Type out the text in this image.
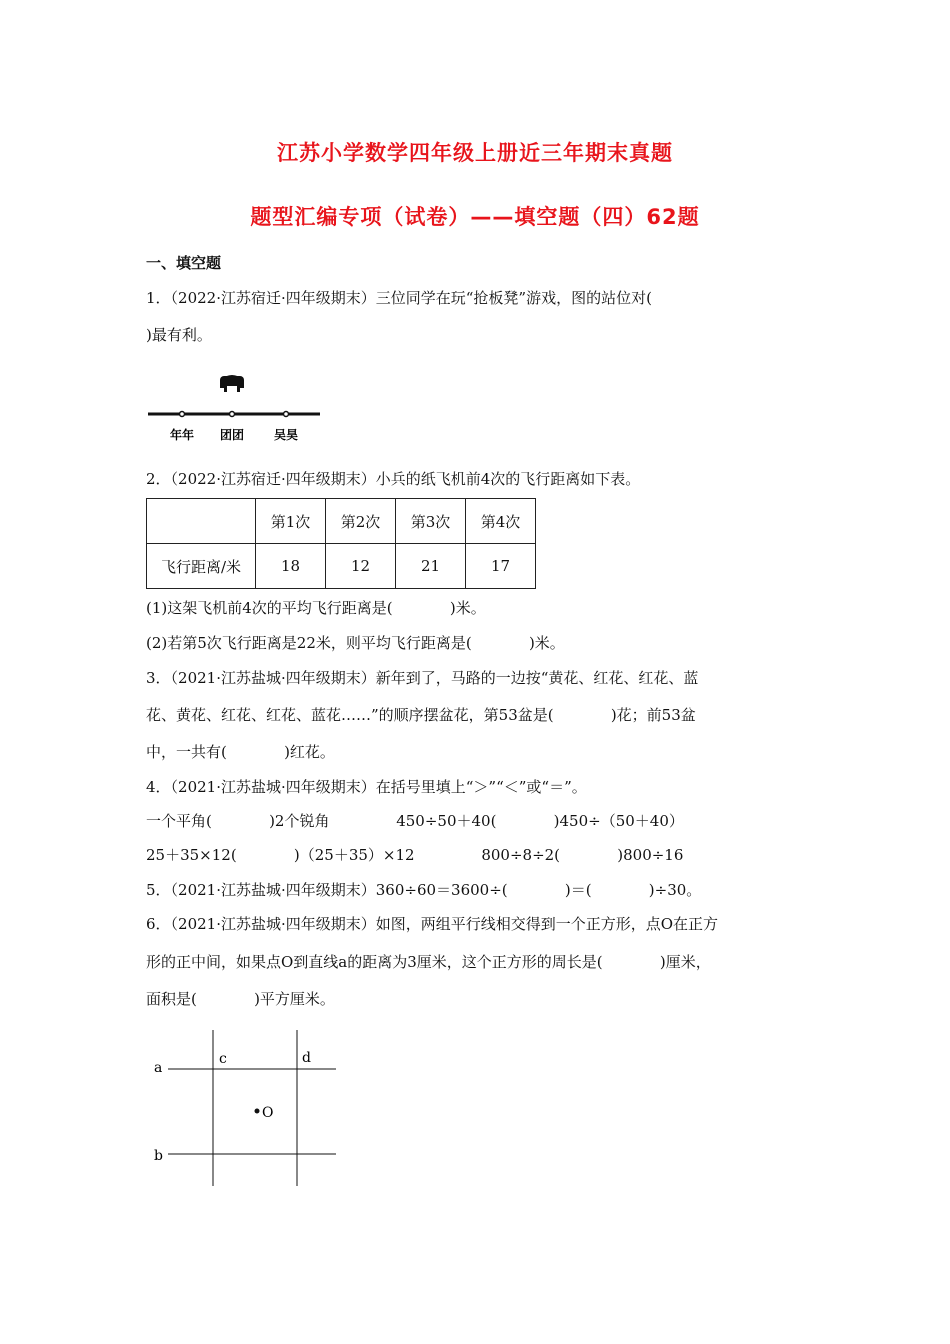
江苏小学数学四年级上册近三年期末真题
题型汇编专项（试卷）——填空题（四）62题
一、填空题
1．（2022·江苏宿迁·四年级期末）三位同学在玩“抢板凳”游戏，图的站位对(
)最有利。
年年 团团 吴昊
2．（2022·江苏宿迁·四年级期末）小兵的纸飞机前4次的飞行距离如下表。
	第1次	第2次	第3次	第4次
飞行距离/米	18	12	21	17
(1)这架飞机前4次的平均飞行距离是(            )米。
(2)若第5次飞行距离是22米，则平均飞行距离是(            )米。
3．（2021·江苏盐城·四年级期末）新年到了，马路的一边按“黄花、红花、红花、蓝
花、黄花、红花、红花、蓝花……”的顺序摆盆花，第53盆是(            )花；前53盆
中，一共有(            )红花。
4．（2021·江苏盐城·四年级期末）在括号里填上“＞”“＜”或“＝”。
一个平角(            )2个锐角              450÷50＋40(            )450÷（50＋40）
25＋35×12(            )（25＋35）×12              800÷8÷2(            )800÷16
5．（2021·江苏盐城·四年级期末）360÷60＝3600÷(            )＝(            )÷30。
6．（2021·江苏盐城·四年级期末）如图，两组平行线相交得到一个正方形，点O在正方
形的正中间，如果点O到直线a的距离为3厘米，这个正方形的周长是(            )厘米，
面积是(            )平方厘米。
a
b
c	d
O
